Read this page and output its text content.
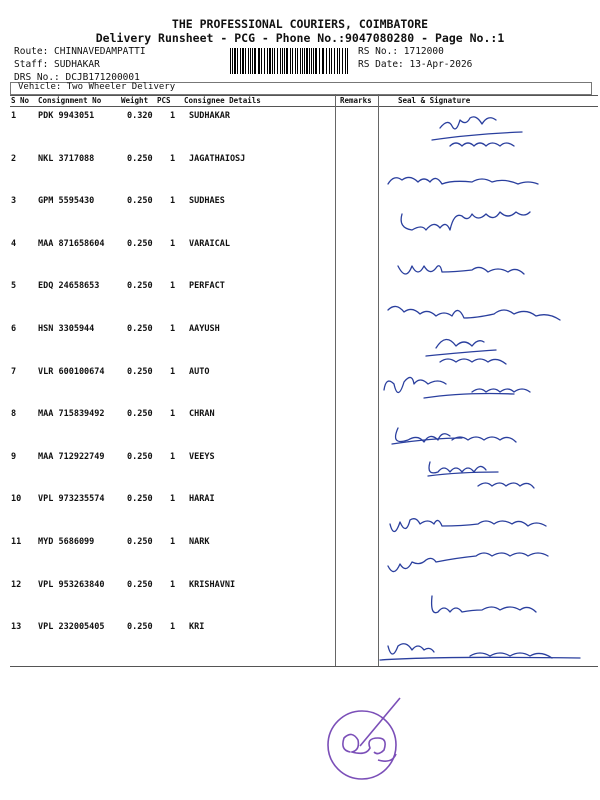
THE PROFESSIONAL COURIERS, COIMBATORE
Delivery Runsheet - PCG - Phone No.:9047080280 - Page No.:1
Route: CHINNAVEDAMPATTI
Staff: SUDHAKAR
DRS No.: DCJB171200001
RS No.: 1712000
RS Date: 13-Apr-2026
Vehicle: Two Wheeler Delivery
S No Consignment No	Weight PCS Consignee Details	Remarks	Seal & Signature
1	PDK 9943051	0.320 1 SUDHAKAR
2	NKL 3717088	0.250 1 JAGATHAIOSJ
3	GPM 5595430	0.250 1 SUDHAES
4	MAA 871658604	0.250 1 VARAICAL
5	EDQ 24658653	0.250 1 PERFACT
6	HSN 3305944	0.250 1 AAYUSH
7	VLR 600100674	0.250 1 AUTO
8	MAA 715839492	0.250 1 CHRAN
9	MAA 712922749	0.250 1 VEEYS
10 VPL 973235574	0.250 1 HARAI
11 MYD 5686099	0.250 1 NARK
12 VPL 953263840	0.250 1 KRISHAVNI
13 VPL 232005405	0.250 1 KRI
